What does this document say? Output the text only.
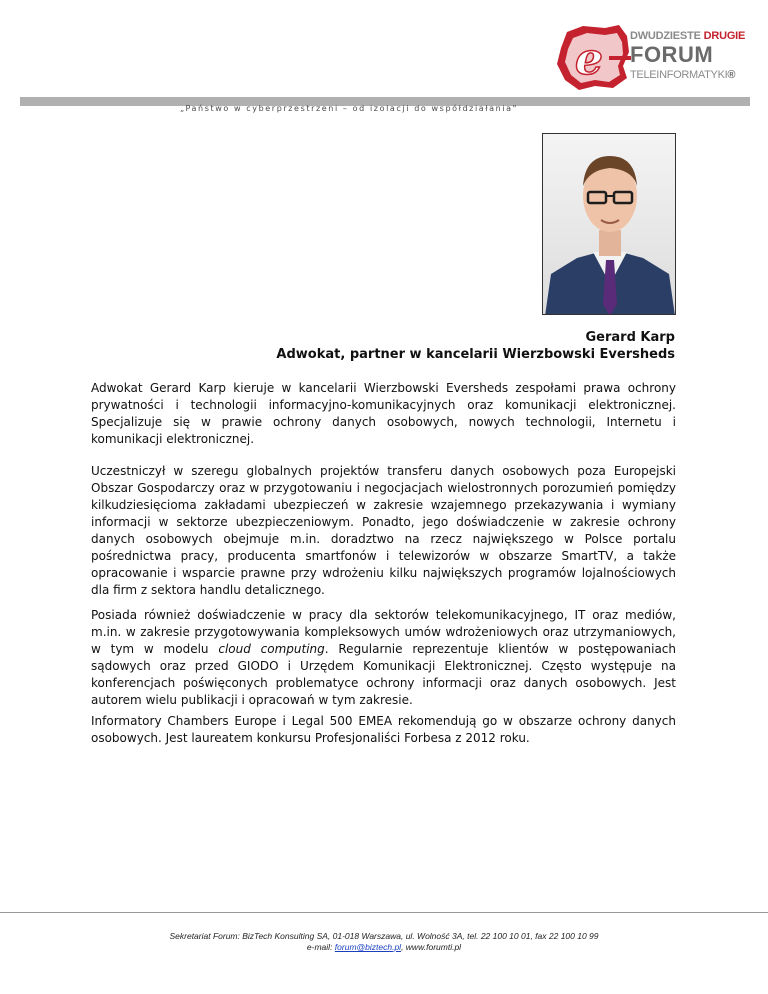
e DWUDZIESTE DRUGIE
FORUM
TELEINFORMATYKI®
„Państwo w cyberprzestrzeni – od izolacji do współdziałania"
Gerard Karp
Adwokat, partner w kancelarii Wierzbowski Eversheds

Adwokat Gerard Karp kieruje w kancelarii Wierzbowski Eversheds zespołami prawa ochrony prywatności i technologii informacyjno-komunikacyjnych oraz komunikacji elektronicznej. Specjalizuje się w prawie ochrony danych osobowych, nowych technologii, Internetu i komunikacji elektronicznej.

Uczestniczył w szeregu globalnych projektów transferu danych osobowych poza Europejski Obszar Gospodarczy oraz w przygotowaniu i negocjacjach wielostronnych porozumień pomiędzy kilkudziesięcioma zakładami ubezpieczeń w zakresie wzajemnego przekazywania i wymiany informacji w sektorze ubezpieczeniowym. Ponadto, jego doświadczenie w zakresie ochrony danych osobowych obejmuje m.in. doradztwo na rzecz największego w Polsce portalu pośrednictwa pracy, producenta smartfonów i telewizorów w obszarze SmartTV, a także opracowanie i wsparcie prawne przy wdrożeniu kilku największych programów lojalnościowych dla firm z sektora handlu detalicznego.

Posiada również doświadczenie w pracy dla sektorów telekomunikacyjnego, IT oraz mediów, m.in. w zakresie przygotowywania kompleksowych umów wdrożeniowych oraz utrzymaniowych, w tym w modelu cloud computing. Regularnie reprezentuje klientów w postępowaniach sądowych oraz przed GIODO i Urzędem Komunikacji Elektronicznej. Często występuje na konferencjach poświęconych problematyce ochrony informacji oraz danych osobowych. Jest autorem wielu publikacji i opracowań w tym zakresie.

Informatory Chambers Europe i Legal 500 EMEA rekomendują go w obszarze ochrony danych osobowych. Jest laureatem konkursu Profesjonaliści Forbesa z 2012 roku.

Sekretariat Forum: BizTech Konsulting SA, 01-018 Warszawa, ul. Wolność 3A, tel. 22 100 10 01, fax 22 100 10 99
e-mail: forum@biztech.pl, www.forumti.pl
